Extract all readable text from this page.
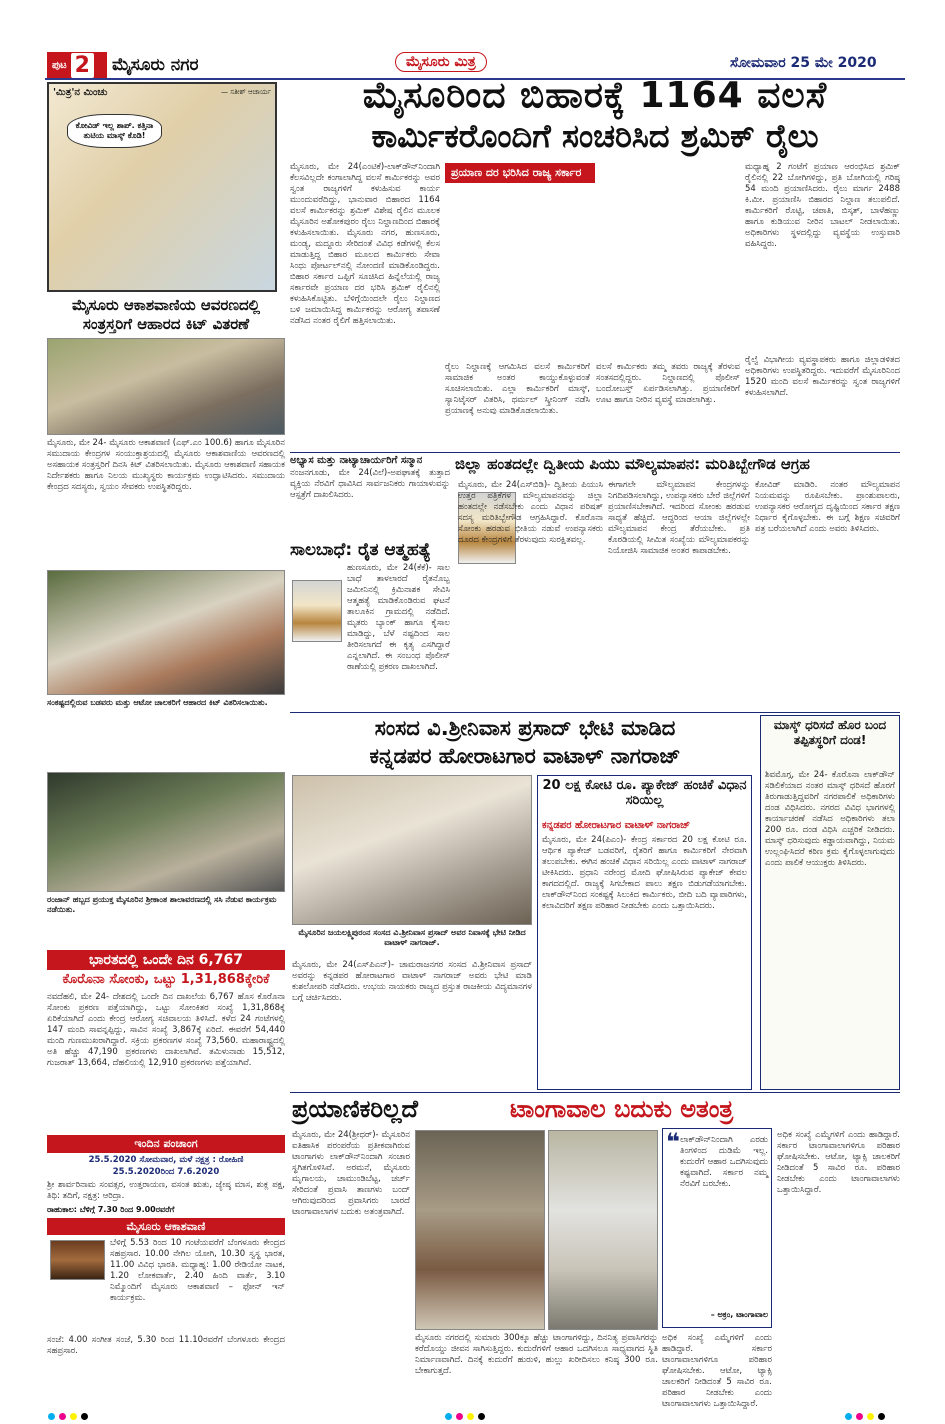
ಪುಟ 2 ಮೈಸೂರು ನಗರ	ಮೈಸೂರು ಮಿತ್ರ	ಸೋಮವಾರ 25 ಮೇ 2020
ಮೈಸೂರಿಂದ ಬಿಹಾರಕ್ಕೆ 1164 ವಲಸೆ
ಕಾರ್ಮಿಕರೊಂದಿಗೆ ಸಂಚರಿಸಿದ ಶ್ರಮಿಕ್ ರೈಲು
'ಮಿತ್ರ'ನ ಮಿಂಚು	— ಸತೀಶ್ ಆಚಾರ್ಯ
ಕೋವಿಡ್ ಇಲ್ಲ ಶಾಪ್. ಕತ್ತಿನಾ ತುಟಿಯ ಮಾಸ್ಕ್ ಕೊಡಿ!
ಮೈಸೂರು ಆಕಾಶವಾಣಿಯ ಆವರಣದಲ್ಲಿ ಸಂತ್ರಸ್ತರಿಗೆ ಆಹಾರದ ಕಿಟ್ ವಿತರಣೆ
ಮೈಸೂರು, ಮೇ 24- ಮೈಸೂರು ಆಕಾಶವಾಣಿ (ಎಫ್.ಎಂ 100.6) ಹಾಗೂ ಮೈಸೂರಿನ ಸಮುದಾಯ ಕೇಂದ್ರಗಳ ಸಂಯುಕ್ತಾಶ್ರಯದಲ್ಲಿ ಮೈಸೂರು ಆಕಾಶವಾಣಿಯ ಆವರಣದಲ್ಲಿ ಅಸಹಾಯಕ ಸಂತ್ರಸ್ತರಿಗೆ ದಿನಸಿ ಕಿಟ್ ವಿತರಿಸಲಾಯಿತು. ಮೈಸೂರು ಆಕಾಶವಾಣಿ ಸಹಾಯಕ ನಿರ್ದೇಶಕರು ಹಾಗೂ ನಿಲಯ ಮುಖ್ಯಸ್ಥರು ಕಾರ್ಯಕ್ರಮ ಉದ್ಘಾಟಿಸಿದರು. ಸಮುದಾಯ ಕೇಂದ್ರದ ಸದಸ್ಯರು, ಸ್ವಯಂ ಸೇವಕರು ಉಪಸ್ಥಿತರಿದ್ದರು.
ಸಂಕಷ್ಟದಲ್ಲಿರುವ ಬಡವರು ಮತ್ತು ಆಟೋ ಚಾಲಕರಿಗೆ ಆಹಾರದ ಕಿಟ್ ವಿತರಿಸಲಾಯಿತು.
ರಂಜಾನ್ ಹಬ್ಬದ ಪ್ರಯುಕ್ತ ಮೈಸೂರಿನ ಶ್ರೀಕಾಂತ ಶಾಲಾವರಣದಲ್ಲಿ ಸಸಿ ನೆಡುವ ಕಾರ್ಯಕ್ರಮ ನಡೆಯಿತು.
ಭಾರತದಲ್ಲಿ ಒಂದೇ ದಿನ 6,767
ಕೊರೊನಾ ಸೋಂಕು, ಒಟ್ಟು 1,31,868ಕ್ಕೇರಿಕೆ
ನವದೆಹಲಿ, ಮೇ 24- ದೇಶದಲ್ಲಿ ಒಂದೇ ದಿನ ದಾಖಲೆಯ 6,767 ಹೊಸ ಕೊರೊನಾ ಸೋಂಕು ಪ್ರಕರಣ ಪತ್ತೆಯಾಗಿದ್ದು, ಒಟ್ಟು ಸೋಂಕಿತರ ಸಂಖ್ಯೆ 1,31,868ಕ್ಕೆ ಏರಿಕೆಯಾಗಿದೆ ಎಂದು ಕೇಂದ್ರ ಆರೋಗ್ಯ ಸಚಿವಾಲಯ ತಿಳಿಸಿದೆ. ಕಳೆದ 24 ಗಂಟೆಗಳಲ್ಲಿ 147 ಮಂದಿ ಸಾವನ್ನಪ್ಪಿದ್ದು, ಸಾವಿನ ಸಂಖ್ಯೆ 3,867ಕ್ಕೆ ಏರಿದೆ. ಈವರೆಗೆ 54,440 ಮಂದಿ ಗುಣಮುಖರಾಗಿದ್ದಾರೆ. ಸಕ್ರಿಯ ಪ್ರಕರಣಗಳ ಸಂಖ್ಯೆ 73,560. ಮಹಾರಾಷ್ಟ್ರದಲ್ಲಿ ಅತಿ ಹೆಚ್ಚು 47,190 ಪ್ರಕರಣಗಳು ದಾಖಲಾಗಿವೆ. ತಮಿಳುನಾಡು 15,512, ಗುಜರಾತ್ 13,664, ದೆಹಲಿಯಲ್ಲಿ 12,910 ಪ್ರಕರಣಗಳು ಪತ್ತೆಯಾಗಿವೆ.
ಇಂದಿನ ಪಂಚಾಂಗ
25.5.2020 ಸೋಮವಾರ, ಮಳೆ ನಕ್ಷತ್ರ : ರೋಹಿಣಿ
25.5.2020ರಿಂದ 7.6.2020
ಶ್ರೀ ಶಾರ್ವರಿನಾಮ ಸಂವತ್ಸರ, ಉತ್ತರಾಯಣ, ವಸಂತ ಋತು, ಜ್ಯೇಷ್ಠ ಮಾಸ, ಶುಕ್ಲ ಪಕ್ಷ, ತಿಥಿ: ತದಿಗೆ, ನಕ್ಷತ್ರ: ಆರಿದ್ರಾ.
ರಾಹುಕಾಲ: ಬೆಳಿಗ್ಗೆ 7.30 ರಿಂದ 9.00ರವರೆಗೆ
ಮೈಸೂರು ಆಕಾಶವಾಣಿ
ಬೆಳಿಗ್ಗೆ 5.53 ರಿಂದ 10 ಗಂಟೆಯವರೆಗೆ ಬೆಂಗಳೂರು ಕೇಂದ್ರದ ಸಹಪ್ರಸಾರ. 10.00 ನೇಗಿಲ ಯೋಗಿ, 10.30 ಸ್ವಸ್ಥ ಭಾರತ, 11.00 ವಿವಿಧ ಭಾರತಿ. ಮಧ್ಯಾಹ್ನ: 1.00 ರೇಡಿಯೋ ನಾಟಕ, 1.20 ಲೋಕವಾರ್ತೆ, 2.40 ಹಿಂದಿ ವಾರ್ತೆ, 3.10 ನಿಮ್ಮೊಂದಿಗೆ ಮೈಸೂರು ಆಕಾಶವಾಣಿ – ಫೋನ್ ಇನ್ ಕಾರ್ಯಕ್ರಮ.
ಸಂಜೆ: 4.00 ಸಂಗೀತ ಸಂಜೆ, 5.30 ರಿಂದ 11.10ರವರೆಗೆ ಬೆಂಗಳೂರು ಕೇಂದ್ರದ ಸಹಪ್ರಸಾರ.
ಮೈಸೂರು, ಮೇ 24(ಎಂಟಿಕೆ)-ಲಾಕ್‌ಡೌನ್‌ನಿಂದಾಗಿ ಕೆಲಸವಿಲ್ಲದೇ ಕಂಗಾಲಾಗಿದ್ದ ವಲಸೆ ಕಾರ್ಮಿಕರನ್ನು ಅವರ ಸ್ವಂತ ರಾಜ್ಯಗಳಿಗೆ ಕಳುಹಿಸುವ ಕಾರ್ಯ ಮುಂದುವರೆದಿದ್ದು, ಭಾನುವಾರ ಬಿಹಾರದ 1164 ವಲಸೆ ಕಾರ್ಮಿಕರನ್ನು ಶ್ರಮಿಕ್ ವಿಶೇಷ ರೈಲಿನ ಮೂಲಕ ಮೈಸೂರಿನ ಅಶೋಕಪುರಂ ರೈಲು ನಿಲ್ದಾಣದಿಂದ ಬಿಹಾರಕ್ಕೆ ಕಳುಹಿಸಲಾಯಿತು. ಮೈಸೂರು ನಗರ, ಹುಣಸೂರು, ಮಂಡ್ಯ, ಮದ್ದೂರು ಸೇರಿದಂತೆ ವಿವಿಧ ಕಡೆಗಳಲ್ಲಿ ಕೆಲಸ ಮಾಡುತ್ತಿದ್ದ ಬಿಹಾರ ಮೂಲದ ಕಾರ್ಮಿಕರು ಸೇವಾ ಸಿಂಧು ಪೋರ್ಟಲ್‌ನಲ್ಲಿ ನೋಂದಣಿ ಮಾಡಿಕೊಂಡಿದ್ದರು. ಬಿಹಾರ ಸರ್ಕಾರ ಒಪ್ಪಿಗೆ ಸೂಚಿಸಿದ ಹಿನ್ನೆಲೆಯಲ್ಲಿ ರಾಜ್ಯ ಸರ್ಕಾರವೇ ಪ್ರಯಾಣ ದರ ಭರಿಸಿ ಶ್ರಮಿಕ್ ರೈಲಿನಲ್ಲಿ ಕಳುಹಿಸಿಕೊಟ್ಟಿತು. ಬೆಳಿಗ್ಗೆಯಿಂದಲೇ ರೈಲು ನಿಲ್ದಾಣದ ಬಳಿ ಜಮಾಯಿಸಿದ್ದ ಕಾರ್ಮಿಕರನ್ನು ಆರೋಗ್ಯ ತಪಾಸಣೆ ನಡೆಸಿದ ನಂತರ ರೈಲಿಗೆ ಹತ್ತಿಸಲಾಯಿತು.
ಪ್ರಯಾಣ ದರ ಭರಿಸಿದ ರಾಜ್ಯ ಸರ್ಕಾರ
ರೈಲು ನಿಲ್ದಾಣಕ್ಕೆ ಆಗಮಿಸಿದ ವಲಸೆ ಕಾರ್ಮಿಕರಿಗೆ ಸಾಮಾಜಿಕ ಅಂತರ ಕಾಯ್ದುಕೊಳ್ಳುವಂತೆ ಸೂಚಿಸಲಾಯಿತು. ಎಲ್ಲಾ ಕಾರ್ಮಿಕರಿಗೆ ಮಾಸ್ಕ್, ಸ್ಯಾನಿಟೈಸರ್ ವಿತರಿಸಿ, ಥರ್ಮಲ್ ಸ್ಕ್ರೀನಿಂಗ್ ನಡೆಸಿ ಪ್ರಯಾಣಕ್ಕೆ ಅನುವು ಮಾಡಿಕೊಡಲಾಯಿತು.
ವಲಸೆ ಕಾರ್ಮಿಕರು ತಮ್ಮ ತವರು ರಾಜ್ಯಕ್ಕೆ ತೆರಳುವ ಸಂತಸದಲ್ಲಿದ್ದರು. ನಿಲ್ದಾಣದಲ್ಲಿ ಪೊಲೀಸ್ ಬಂದೋಬಸ್ತ್ ಏರ್ಪಡಿಸಲಾಗಿತ್ತು. ಪ್ರಯಾಣಿಕರಿಗೆ ಊಟ ಹಾಗೂ ನೀರಿನ ವ್ಯವಸ್ಥೆ ಮಾಡಲಾಗಿತ್ತು.
ಮಧ್ಯಾಹ್ನ 2 ಗಂಟೆಗೆ ಪ್ರಯಾಣ ಆರಂಭಿಸಿದ ಶ್ರಮಿಕ್ ರೈಲಿನಲ್ಲಿ 22 ಬೋಗಿಗಳಿದ್ದು, ಪ್ರತಿ ಬೋಗಿಯಲ್ಲಿ ಗರಿಷ್ಠ 54 ಮಂದಿ ಪ್ರಯಾಣಿಸಿದರು. ರೈಲು ಮಾರ್ಗ 2488 ಕಿ.ಮೀ. ಪ್ರಯಾಣಿಸಿ ಬಿಹಾರದ ನಿಲ್ದಾಣ ತಲುಪಲಿದೆ. ಕಾರ್ಮಿಕರಿಗೆ ರೊಟ್ಟಿ, ಚಪಾತಿ, ಬಿಸ್ಕತ್, ಬಾಳೆಹಣ್ಣು ಹಾಗೂ ಕುಡಿಯುವ ನೀರಿನ ಬಾಟಲ್ ನೀಡಲಾಯಿತು. ಅಧಿಕಾರಿಗಳು ಸ್ಥಳದಲ್ಲಿದ್ದು ವ್ಯವಸ್ಥೆಯ ಉಸ್ತುವಾರಿ ವಹಿಸಿದ್ದರು.
ರೈಲ್ವೆ ವಿಭಾಗೀಯ ವ್ಯವಸ್ಥಾಪಕರು ಹಾಗೂ ಜಿಲ್ಲಾಡಳಿತದ ಅಧಿಕಾರಿಗಳು ಉಪಸ್ಥಿತರಿದ್ದರು. ಇದುವರೆಗೆ ಮೈಸೂರಿನಿಂದ 1520 ಮಂದಿ ವಲಸೆ ಕಾರ್ಮಿಕರನ್ನು ಸ್ವಂತ ರಾಜ್ಯಗಳಿಗೆ ಕಳುಹಿಸಲಾಗಿದೆ.
ಅಭ್ಯಾಸ ಮತ್ತು ನಾಟ್ಯಾಚಾರ್ಯರಿಗೆ ಸನ್ಮಾನ
ನಂಜನಗೂಡು, ಮೇ 24(ವಿಲೆ)-ಅಪಘಾತಕ್ಕೆ ತುತ್ತಾದ ವ್ಯಕ್ತಿಯ ನೆರವಿಗೆ ಧಾವಿಸಿದ ಸಾರ್ವಜನಿಕರು ಗಾಯಾಳುವನ್ನು ಆಸ್ಪತ್ರೆಗೆ ದಾಖಲಿಸಿದರು.
ಸಾಲಬಾಧೆ: ರೈತ ಆತ್ಮಹತ್ಯೆ
ಹುಣಸೂರು, ಮೇ 24(ಕೆಕೆ)- ಸಾಲ ಬಾಧೆ ತಾಳಲಾರದೆ ರೈತನೊಬ್ಬ ಜಮೀನಿನಲ್ಲಿ ಕ್ರಿಮಿನಾಶಕ ಸೇವಿಸಿ ಆತ್ಮಹತ್ಯೆ ಮಾಡಿಕೊಂಡಿರುವ ಘಟನೆ ತಾಲೂಕಿನ ಗ್ರಾಮದಲ್ಲಿ ನಡೆದಿದೆ. ಮೃತರು ಬ್ಯಾಂಕ್ ಹಾಗೂ ಕೈಸಾಲ ಮಾಡಿದ್ದು, ಬೆಳೆ ನಷ್ಟದಿಂದ ಸಾಲ ತೀರಿಸಲಾಗದೆ ಈ ಕೃತ್ಯ ಎಸಗಿದ್ದಾರೆ ಎನ್ನಲಾಗಿದೆ. ಈ ಸಂಬಂಧ ಪೊಲೀಸ್ ಠಾಣೆಯಲ್ಲಿ ಪ್ರಕರಣ ದಾಖಲಾಗಿದೆ.
ಜಿಲ್ಲಾ ಹಂತದಲ್ಲೇ ದ್ವಿತೀಯ ಪಿಯು ಮೌಲ್ಯಮಾಪನ: ಮರಿತಿಬ್ಬೇಗೌಡ ಆಗ್ರಹ
ಮೈಸೂರು, ಮೇ 24(ಎಸ್‌ಬಿಡಿ)- ದ್ವಿತೀಯ ಪಿಯುಸಿ ಉತ್ತರ ಪತ್ರಿಕೆಗಳ ಮೌಲ್ಯಮಾಪನವನ್ನು ಜಿಲ್ಲಾ ಹಂತದಲ್ಲೇ ನಡೆಸಬೇಕು ಎಂದು ವಿಧಾನ ಪರಿಷತ್ ಸದಸ್ಯ ಮರಿತಿಬ್ಬೇಗೌಡ ಆಗ್ರಹಿಸಿದ್ದಾರೆ. ಕೊರೊನಾ ಸೋಂಕು ಹರಡುವ ಭೀತಿಯ ನಡುವೆ ಉಪನ್ಯಾಸಕರು ದೂರದ ಕೇಂದ್ರಗಳಿಗೆ ತೆರಳುವುದು ಸುರಕ್ಷಿತವಲ್ಲ.
ಈಗಾಗಲೇ ಮೌಲ್ಯಮಾಪನ ಕೇಂದ್ರಗಳನ್ನು ನಿಗದಿಪಡಿಸಲಾಗಿದ್ದು, ಉಪನ್ಯಾಸಕರು ಬೇರೆ ಜಿಲ್ಲೆಗಳಿಗೆ ಪ್ರಯಾಣಿಸಬೇಕಾಗಿದೆ. ಇದರಿಂದ ಸೋಂಕು ಹರಡುವ ಸಾಧ್ಯತೆ ಹೆಚ್ಚಿದೆ. ಆದ್ದರಿಂದ ಆಯಾ ಜಿಲ್ಲೆಗಳಲ್ಲೇ ಮೌಲ್ಯಮಾಪನ ಕೇಂದ್ರ ತೆರೆಯಬೇಕು. ಪ್ರತಿ ಕೊಠಡಿಯಲ್ಲಿ ಸೀಮಿತ ಸಂಖ್ಯೆಯ ಮೌಲ್ಯಮಾಪಕರನ್ನು ನಿಯೋಜಿಸಿ ಸಾಮಾಜಿಕ ಅಂತರ ಕಾಪಾಡಬೇಕು.
ಕೋವಿಡ್ ಮಾಡಿರಿ. ನಂತರ ಮೌಲ್ಯಮಾಪನ ನಿಯಮವನ್ನು ರೂಪಿಸಬೇಕು. ಪ್ರಾಂಶುಪಾಲರು, ಉಪನ್ಯಾಸಕರ ಆರೋಗ್ಯದ ದೃಷ್ಟಿಯಿಂದ ಸರ್ಕಾರ ತಕ್ಷಣ ನಿರ್ಧಾರ ಕೈಗೊಳ್ಳಬೇಕು. ಈ ಬಗ್ಗೆ ಶಿಕ್ಷಣ ಸಚಿವರಿಗೆ ಪತ್ರ ಬರೆಯಲಾಗಿದೆ ಎಂದು ಅವರು ತಿಳಿಸಿದರು.
ಸಂಸದ ವಿ.ಶ್ರೀನಿವಾಸ ಪ್ರಸಾದ್ ಭೇಟಿ ಮಾಡಿದ
ಕನ್ನಡಪರ ಹೋರಾಟಗಾರ ವಾಟಾಳ್ ನಾಗರಾಜ್
ಮೈಸೂರಿನ ಜಯಲಕ್ಷ್ಮಿಪುರಂನ ಸಂಸದ ವಿ.ಶ್ರೀನಿವಾಸ ಪ್ರಸಾದ್ ಅವರ ನಿವಾಸಕ್ಕೆ ಭೇಟಿ ನೀಡಿದ ವಾಟಾಳ್ ನಾಗರಾಜ್.
ಮೈಸೂರು, ಮೇ 24(ಎಸ್‌ಪಿಎನ್)- ಚಾಮರಾಜನಗರ ಸಂಸದ ವಿ.ಶ್ರೀನಿವಾಸ ಪ್ರಸಾದ್ ಅವರನ್ನು ಕನ್ನಡಪರ ಹೋರಾಟಗಾರ ವಾಟಾಳ್ ನಾಗರಾಜ್ ಅವರು ಭೇಟಿ ಮಾಡಿ ಕುಶಲೋಪರಿ ನಡೆಸಿದರು. ಉಭಯ ನಾಯಕರು ರಾಜ್ಯದ ಪ್ರಸ್ತುತ ರಾಜಕೀಯ ವಿದ್ಯಮಾನಗಳ ಬಗ್ಗೆ ಚರ್ಚಿಸಿದರು.
20 ಲಕ್ಷ ಕೋಟಿ ರೂ. ಪ್ಯಾಕೇಜ್ ಹಂಚಿಕೆ ವಿಧಾನ ಸರಿಯಿಲ್ಲ
ಕನ್ನಡಪರ ಹೋರಾಟಗಾರ ವಾಟಾಳ್ ನಾಗರಾಜ್
ಮೈಸೂರು, ಮೇ 24(ಪಿಎಂ)- ಕೇಂದ್ರ ಸರ್ಕಾರದ 20 ಲಕ್ಷ ಕೋಟಿ ರೂ. ಆರ್ಥಿಕ ಪ್ಯಾಕೇಜ್ ಬಡವರಿಗೆ, ರೈತರಿಗೆ ಹಾಗೂ ಕಾರ್ಮಿಕರಿಗೆ ನೇರವಾಗಿ ತಲುಪಬೇಕು. ಈಗಿನ ಹಂಚಿಕೆ ವಿಧಾನ ಸರಿಯಿಲ್ಲ ಎಂದು ವಾಟಾಳ್ ನಾಗರಾಜ್ ಟೀಕಿಸಿದರು. ಪ್ರಧಾನಿ ನರೇಂದ್ರ ಮೋದಿ ಘೋಷಿಸಿರುವ ಪ್ಯಾಕೇಜ್ ಕೇವಲ ಕಾಗದದಲ್ಲಿದೆ. ರಾಜ್ಯಕ್ಕೆ ಸಿಗಬೇಕಾದ ಪಾಲು ತಕ್ಷಣ ಬಿಡುಗಡೆಯಾಗಬೇಕು. ಲಾಕ್‌ಡೌನ್‌ನಿಂದ ಸಂಕಷ್ಟಕ್ಕೆ ಸಿಲುಕಿದ ಕಾರ್ಮಿಕರು, ಬೀದಿ ಬದಿ ವ್ಯಾಪಾರಿಗಳು, ಕಲಾವಿದರಿಗೆ ತಕ್ಷಣ ಪರಿಹಾರ ನೀಡಬೇಕು ಎಂದು ಒತ್ತಾಯಿಸಿದರು.
ಮಾಸ್ಕ್ ಧರಿಸದೆ ಹೊರ ಬಂದ ತಪ್ಪಿತಸ್ಥರಿಗೆ ದಂಡ!
ಶಿವಮೊಗ್ಗ, ಮೇ 24- ಕೊರೊನಾ ಲಾಕ್‌ಡೌನ್ ಸಡಿಲಿಕೆಯಾದ ನಂತರ ಮಾಸ್ಕ್ ಧರಿಸದೆ ಹೊರಗೆ ತಿರುಗಾಡುತ್ತಿದ್ದವರಿಗೆ ನಗರಪಾಲಿಕೆ ಅಧಿಕಾರಿಗಳು ದಂಡ ವಿಧಿಸಿದರು. ನಗರದ ವಿವಿಧ ಭಾಗಗಳಲ್ಲಿ ಕಾರ್ಯಾಚರಣೆ ನಡೆಸಿದ ಅಧಿಕಾರಿಗಳು ತಲಾ 200 ರೂ. ದಂಡ ವಿಧಿಸಿ ಎಚ್ಚರಿಕೆ ನೀಡಿದರು. ಮಾಸ್ಕ್ ಧರಿಸುವುದು ಕಡ್ಡಾಯವಾಗಿದ್ದು, ನಿಯಮ ಉಲ್ಲಂಘಿಸಿದರೆ ಕಠಿಣ ಕ್ರಮ ಕೈಗೊಳ್ಳಲಾಗುವುದು ಎಂದು ಪಾಲಿಕೆ ಆಯುಕ್ತರು ತಿಳಿಸಿದರು.
ಪ್ರಯಾಣಿಕರಿಲ್ಲದೆ	ಟಾಂಗಾವಾಲ ಬದುಕು ಅತಂತ್ರ
ಮೈಸೂರು, ಮೇ 24(ಶ್ರೀಧರ್)- ಮೈಸೂರಿನ ಐತಿಹಾಸಿಕ ಪರಂಪರೆಯ ಪ್ರತೀಕವಾಗಿರುವ ಟಾಂಗಾಗಳು ಲಾಕ್‌ಡೌನ್‌ನಿಂದಾಗಿ ಸಂಚಾರ ಸ್ಥಗಿತಗೊಳಿಸಿವೆ. ಅರಮನೆ, ಮೈಸೂರು ಮೃಗಾಲಯ, ಚಾಮುಂಡಿಬೆಟ್ಟ, ಚರ್ಚ್ ಸೇರಿದಂತೆ ಪ್ರವಾಸಿ ತಾಣಗಳು ಬಂದ್ ಆಗಿರುವುದರಿಂದ ಪ್ರವಾಸಿಗರು ಬಾರದೆ ಟಾಂಗಾವಾಲಾಗಳ ಬದುಕು ಅತಂತ್ರವಾಗಿದೆ.
ಮೈಸೂರು ನಗರದಲ್ಲಿ ಸುಮಾರು 300ಕ್ಕೂ ಹೆಚ್ಚು ಟಾಂಗಾಗಳಿದ್ದು, ದಿನನಿತ್ಯ ಪ್ರವಾಸಿಗರನ್ನು ಕರೆದೊಯ್ದು ಜೀವನ ಸಾಗಿಸುತ್ತಿದ್ದರು. ಕುದುರೆಗಳಿಗೆ ಆಹಾರ ಒದಗಿಸಲೂ ಸಾಧ್ಯವಾಗದ ಸ್ಥಿತಿ ನಿರ್ಮಾಣವಾಗಿದೆ. ದಿನಕ್ಕೆ ಕುದುರೆಗೆ ಹುರುಳಿ, ಹುಲ್ಲು ಖರೀದಿಸಲು ಕನಿಷ್ಠ 300 ರೂ. ಬೇಕಾಗುತ್ತದೆ.
❝ ಲಾಕ್‌ಡೌನ್‌ನಿಂದಾಗಿ ಎರಡು ತಿಂಗಳಿಂದ ದುಡಿಮೆ ಇಲ್ಲ. ಕುದುರೆಗೆ ಆಹಾರ ಒದಗಿಸುವುದು ಕಷ್ಟವಾಗಿದೆ. ಸರ್ಕಾರ ನಮ್ಮ ನೆರವಿಗೆ ಬರಬೇಕು.
– ಅಕ್ರಂ, ಟಾಂಗಾವಾಲ
ಅಧಿಕ ಸಂಖ್ಯೆ ಎಮ್ಮೆಗಳಿಗೆ ಎಂದು ಹಾಡಿದ್ದಾರೆ. ಸರ್ಕಾರ ಟಾಂಗಾವಾಲಾಗಳಿಗೂ ಪರಿಹಾರ ಘೋಷಿಸಬೇಕು. ಆಟೋ, ಟ್ಯಾಕ್ಸಿ ಚಾಲಕರಿಗೆ ನೀಡಿದಂತೆ 5 ಸಾವಿರ ರೂ. ಪರಿಹಾರ ನೀಡಬೇಕು ಎಂದು ಟಾಂಗಾವಾಲಾಗಳು ಒತ್ತಾಯಿಸಿದ್ದಾರೆ.
ಅಧಿಕ ಸಂಖ್ಯೆ ಎಮ್ಮೆಗಳಿಗೆ ಎಂದು ಹಾಡಿದ್ದಾರೆ. ಸರ್ಕಾರ ಟಾಂಗಾವಾಲಾಗಳಿಗೂ ಪರಿಹಾರ ಘೋಷಿಸಬೇಕು. ಆಟೋ, ಟ್ಯಾಕ್ಸಿ ಚಾಲಕರಿಗೆ ನೀಡಿದಂತೆ 5 ಸಾವಿರ ರೂ. ಪರಿಹಾರ ನೀಡಬೇಕು ಎಂದು ಟಾಂಗಾವಾಲಾಗಳು ಒತ್ತಾಯಿಸಿದ್ದಾರೆ.
